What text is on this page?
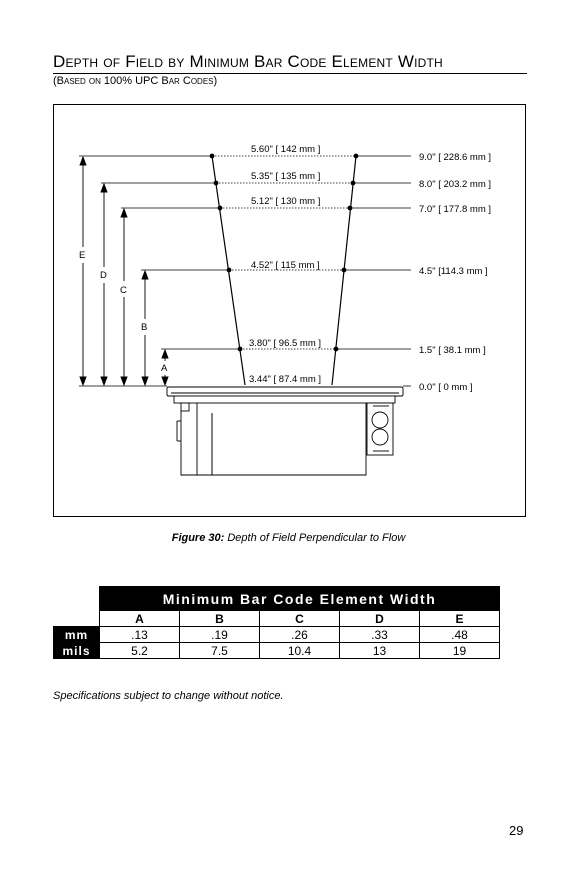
Depth of Field by Minimum Bar Code Element Width
(Based on 100% UPC Bar Codes)
5.60" [ 142 mm ]
9.0" [ 228.6 mm ]
5.35" [ 135 mm ]
8.0" [ 203.2 mm ]
5.12" [ 130 mm ]
7.0" [ 177.8 mm ]
4.52" [ 115 mm ]
4.5" [114.3 mm ]
3.80" [ 96.5 mm ]
1.5" [ 38.1 mm ]
3.44" [ 87.4 mm ]
0.0" [ 0 mm ]
E
D
C
B
A
Figure 30: Depth of Field Perpendicular to Flow
	Minimum Bar Code Element Width				
	A	B	C	D	E
mm	.13	.19	.26	.33	.48
mils	5.2	7.5	10.4	13	19
Specifications subject to change without notice.
29
